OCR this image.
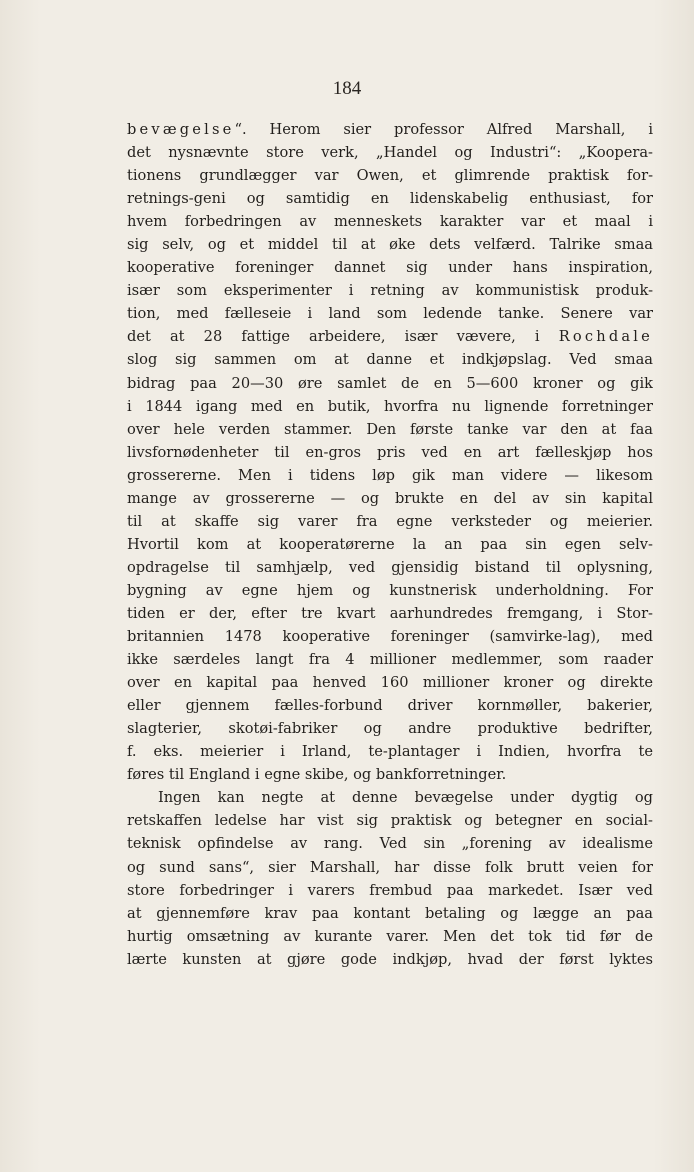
184
bevægelse“. Herom sier professor Alfred Marshall, i
det nysnævnte store verk, „Handel og Industri“: „Koopera-
tionens grundlægger var Owen, et glimrende praktisk for-
retnings-geni og samtidig en lidenskabelig enthusiast, for
hvem forbedringen av menneskets karakter var et maal i
sig selv, og et middel til at øke dets velfærd. Talrike smaa
kooperative foreninger dannet sig under hans inspiration,
især som eksperimenter i retning av kommunistisk produk-
tion, med fælleseie i land som ledende tanke. Senere var
det at 28 fattige arbeidere, især vævere, i Rochdale
slog sig sammen om at danne et indkjøpslag. Ved smaa
bidrag paa 20—30 øre samlet de en 5—600 kroner og gik
i 1844 igang med en butik, hvorfra nu lignende forretninger
over hele verden stammer. Den første tanke var den at faa
livsfornødenheter til en-gros pris ved en art fælleskjøp hos
grossererne. Men i tidens løp gik man videre — likesom
mange av grossererne — og brukte en del av sin kapital
til at skaffe sig varer fra egne verksteder og meierier.
Hvortil kom at kooperatørerne la an paa sin egen selv-
opdragelse til samhjælp, ved gjensidig bistand til oplysning,
bygning av egne hjem og kunstnerisk underholdning. For
tiden er der, efter tre kvart aarhundredes fremgang, i Stor-
britannien 1478 kooperative foreninger (samvirke-lag), med
ikke særdeles langt fra 4 millioner medlemmer, som raader
over en kapital paa henved 160 millioner kroner og direkte
eller gjennem fælles-forbund driver kornmøller, bakerier,
slagterier, skotøi-fabriker og andre produktive bedrifter,
f. eks. meierier i Irland, te-plantager i Indien, hvorfra te
føres til England i egne skibe, og bankforretninger.
Ingen kan negte at denne bevægelse under dygtig og
retskaffen ledelse har vist sig praktisk og betegner en social-
teknisk opfindelse av rang. Ved sin „forening av idealisme
og sund sans“, sier Marshall, har disse folk brutt veien for
store forbedringer i varers frembud paa markedet. Især ved
at gjennemføre krav paa kontant betaling og lægge an paa
hurtig omsætning av kurante varer. Men det tok tid før de
lærte kunsten at gjøre gode indkjøp, hvad der først lyktes
